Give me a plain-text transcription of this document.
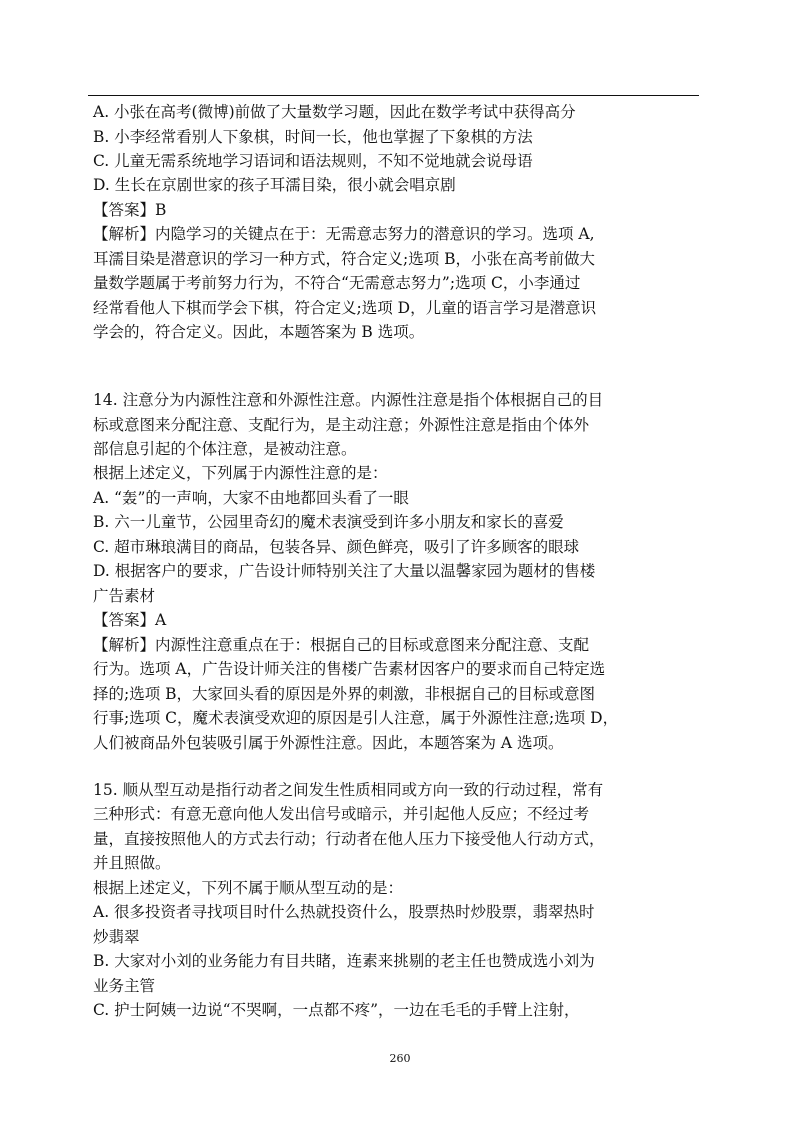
A. 小张在高考(微博)前做了大量数学习题，因此在数学考试中获得高分
B. 小李经常看别人下象棋，时间一长，他也掌握了下象棋的方法
C. 儿童无需系统地学习语词和语法规则，不知不觉地就会说母语
D. 生长在京剧世家的孩子耳濡目染，很小就会唱京剧
【答案】B
【解析】内隐学习的关键点在于：无需意志努力的潜意识的学习。选项 A,
耳濡目染是潜意识的学习一种方式，符合定义;选项 B，小张在高考前做大
量数学题属于考前努力行为，不符合“无需意志努力”;选项 C，小李通过
经常看他人下棋而学会下棋，符合定义;选项 D，儿童的语言学习是潜意识
学会的，符合定义。因此，本题答案为 B 选项。
14. 注意分为内源性注意和外源性注意。内源性注意是指个体根据自己的目
标或意图来分配注意、支配行为，是主动注意；外源性注意是指由个体外
部信息引起的个体注意，是被动注意。
根据上述定义，下列属于内源性注意的是：
A. “轰”的一声响，大家不由地都回头看了一眼
B. 六一儿童节，公园里奇幻的魔术表演受到许多小朋友和家长的喜爱
C. 超市琳琅满目的商品，包装各异、颜色鲜亮，吸引了许多顾客的眼球
D. 根据客户的要求，广告设计师特别关注了大量以温馨家园为题材的售楼
广告素材
【答案】A
【解析】内源性注意重点在于：根据自己的目标或意图来分配注意、支配
行为。选项 A，广告设计师关注的售楼广告素材因客户的要求而自己特定选
择的;选项 B，大家回头看的原因是外界的刺激，非根据自己的目标或意图
行事;选项 C，魔术表演受欢迎的原因是引人注意，属于外源性注意;选项 D，
人们被商品外包装吸引属于外源性注意。因此，本题答案为 A 选项。
15. 顺从型互动是指行动者之间发生性质相同或方向一致的行动过程，常有
三种形式：有意无意向他人发出信号或暗示，并引起他人反应；不经过考
量，直接按照他人的方式去行动；行动者在他人压力下接受他人行动方式，
并且照做。
根据上述定义，下列不属于顺从型互动的是：
A. 很多投资者寻找项目时什么热就投资什么，股票热时炒股票，翡翠热时
炒翡翠
B. 大家对小刘的业务能力有目共睹，连素来挑剔的老主任也赞成选小刘为
业务主管
C. 护士阿姨一边说“不哭啊，一点都不疼”，一边在毛毛的手臂上注射，
260
